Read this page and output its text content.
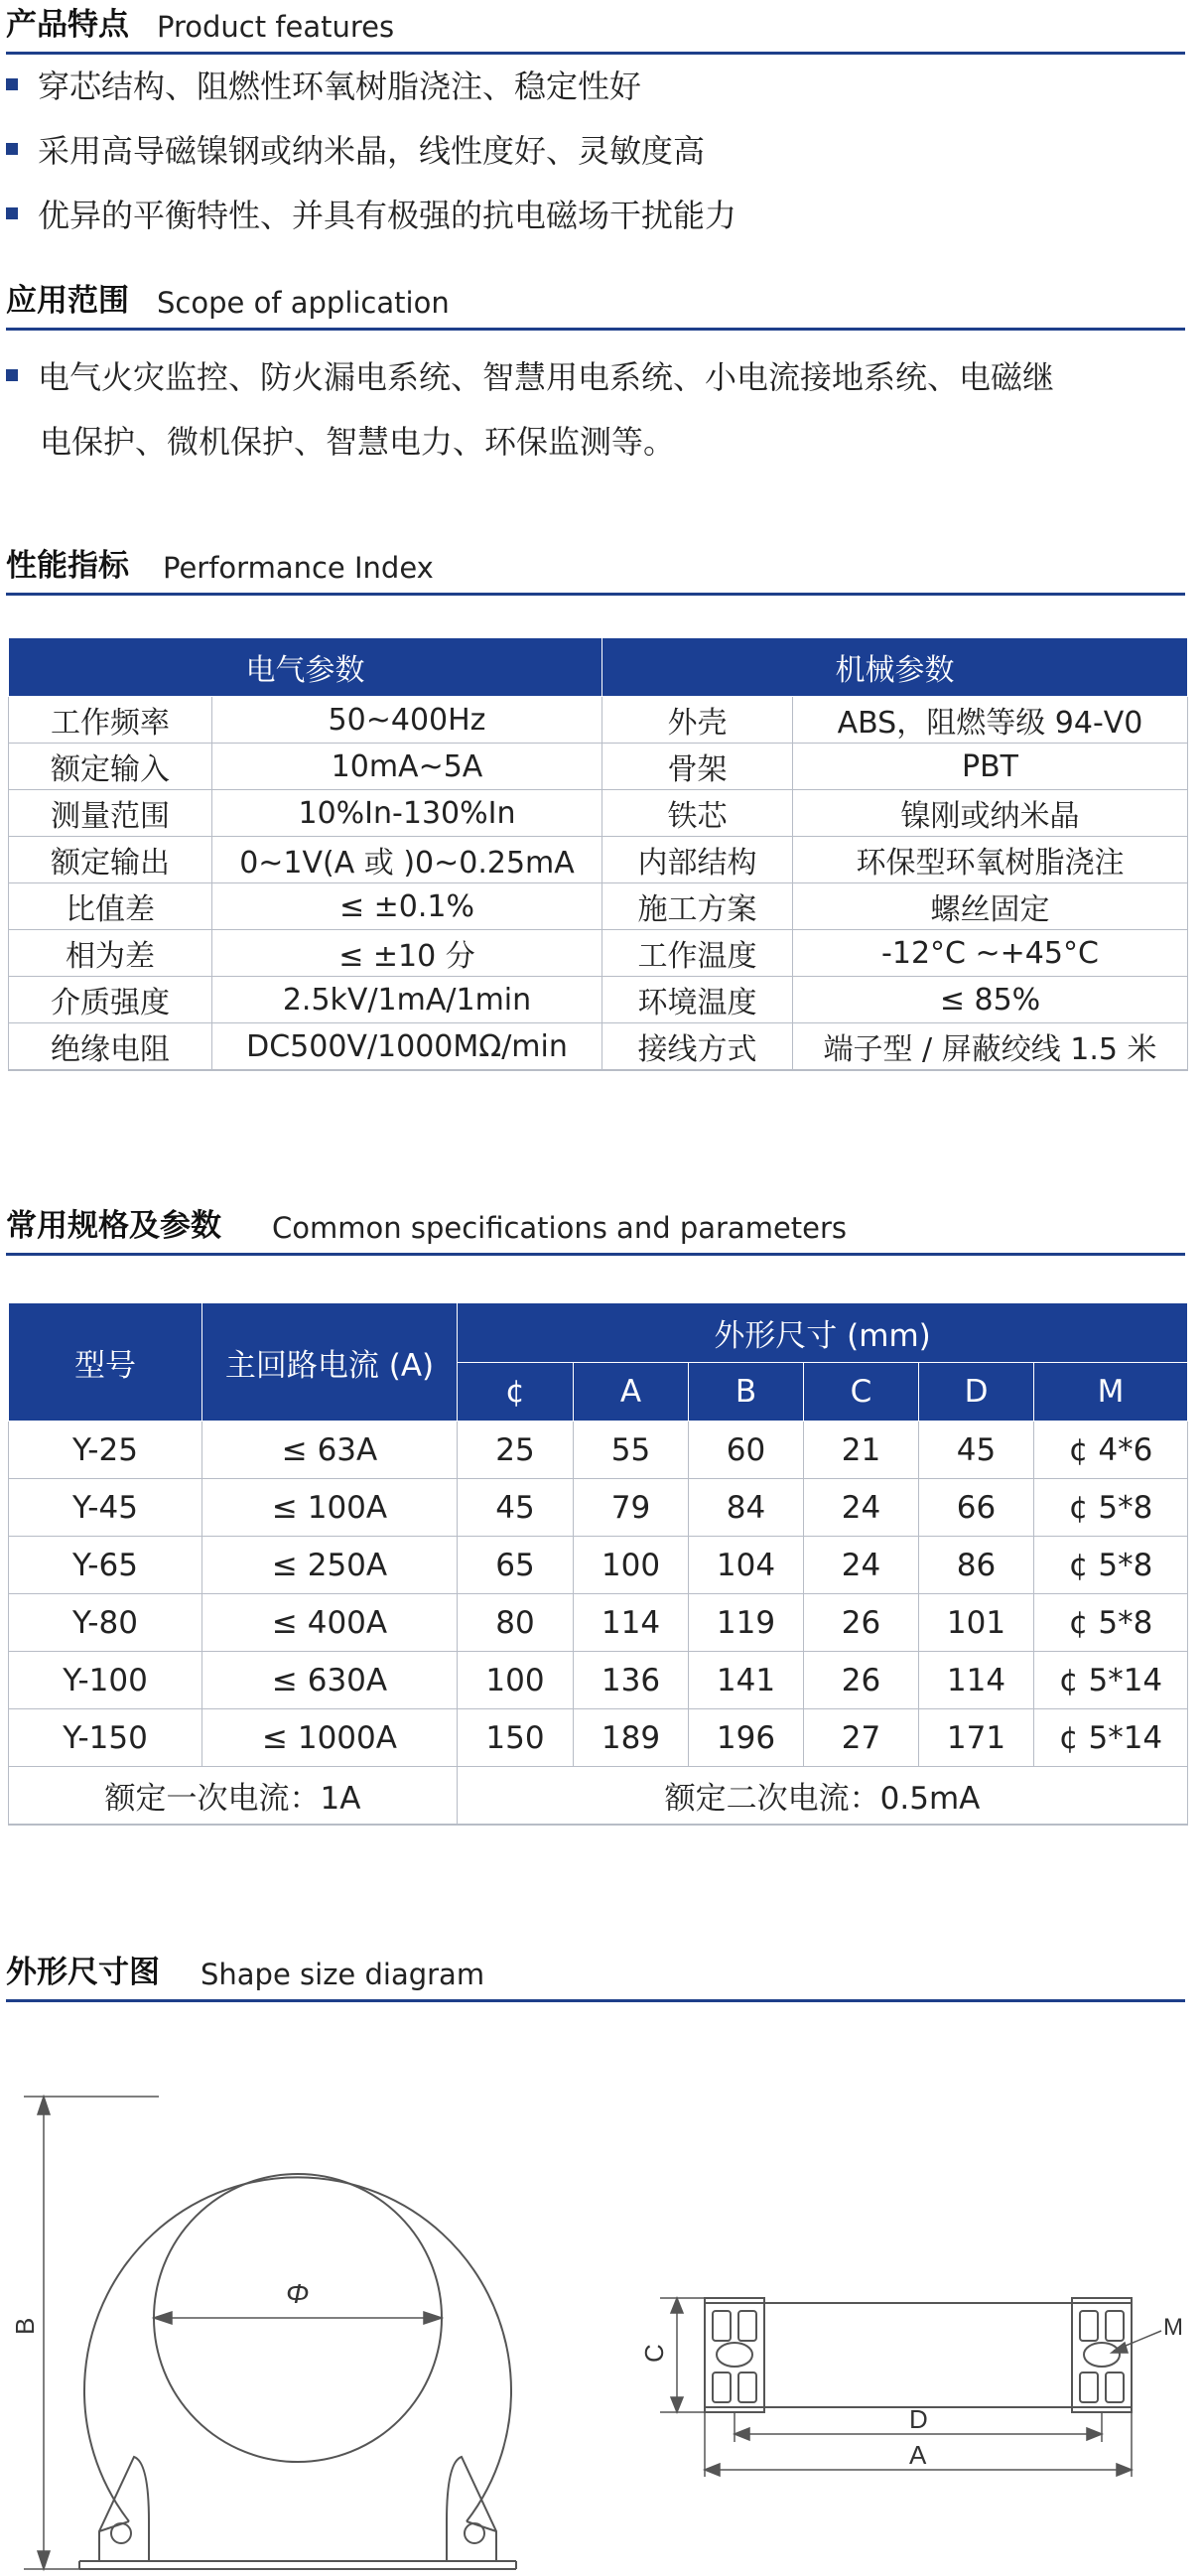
产品特点 Product features
穿芯结构、阻燃性环氧树脂浇注、稳定性好
采用高导磁镍钢或纳米晶，线性度好、灵敏度高
优异的平衡特性、并具有极强的抗电磁场干扰能力
应用范围 Scope of application
电气火灾监控、防火漏电系统、智慧用电系统、小电流接地系统、电磁继
电保护、微机保护、智慧电力、环保监测等。
性能指标 Performance Index
电气参数		机械参数	
工作频率	50~400Hz	外壳	ABS，阻燃等级 94-V0
额定输入	10mA~5A	骨架	PBT
测量范围	10%In-130%In	铁芯	镍刚或纳米晶
额定输出	0~1V(A 或 )0~0.25mA	内部结构	环保型环氧树脂浇注
比值差	≤ ±0.1%	施工方案	螺丝固定
相为差	≤ ±10 分	工作温度	-12°C ~+45°C
介质强度	2.5kV/1mA/1min	环境温度	≤ 85%
绝缘电阻	DC500V/1000MΩ/min	接线方式	端子型 / 屏蔽绞线 1.5 米
常用规格及参数 Common specifications and parameters
型号	主回路电流 (A)	外形尺寸 (mm)					
		¢	A	B	C	D	M
Y-25	≤ 63A	25	55	60	21	45	¢ 4*6
Y-45	≤ 100A	45	79	84	24	66	¢ 5*8
Y-65	≤ 250A	65	100	104	24	86	¢ 5*8
Y-80	≤ 400A	80	114	119	26	101	¢ 5*8
Y-100	≤ 630A	100	136	141	26	114	¢ 5*14
Y-150	≤ 1000A	150	189	196	27	171	¢ 5*14
额定一次电流：1A		额定二次电流：0.5mA					
外形尺寸图 Shape size diagram
B
Φ
C
D
A
M
